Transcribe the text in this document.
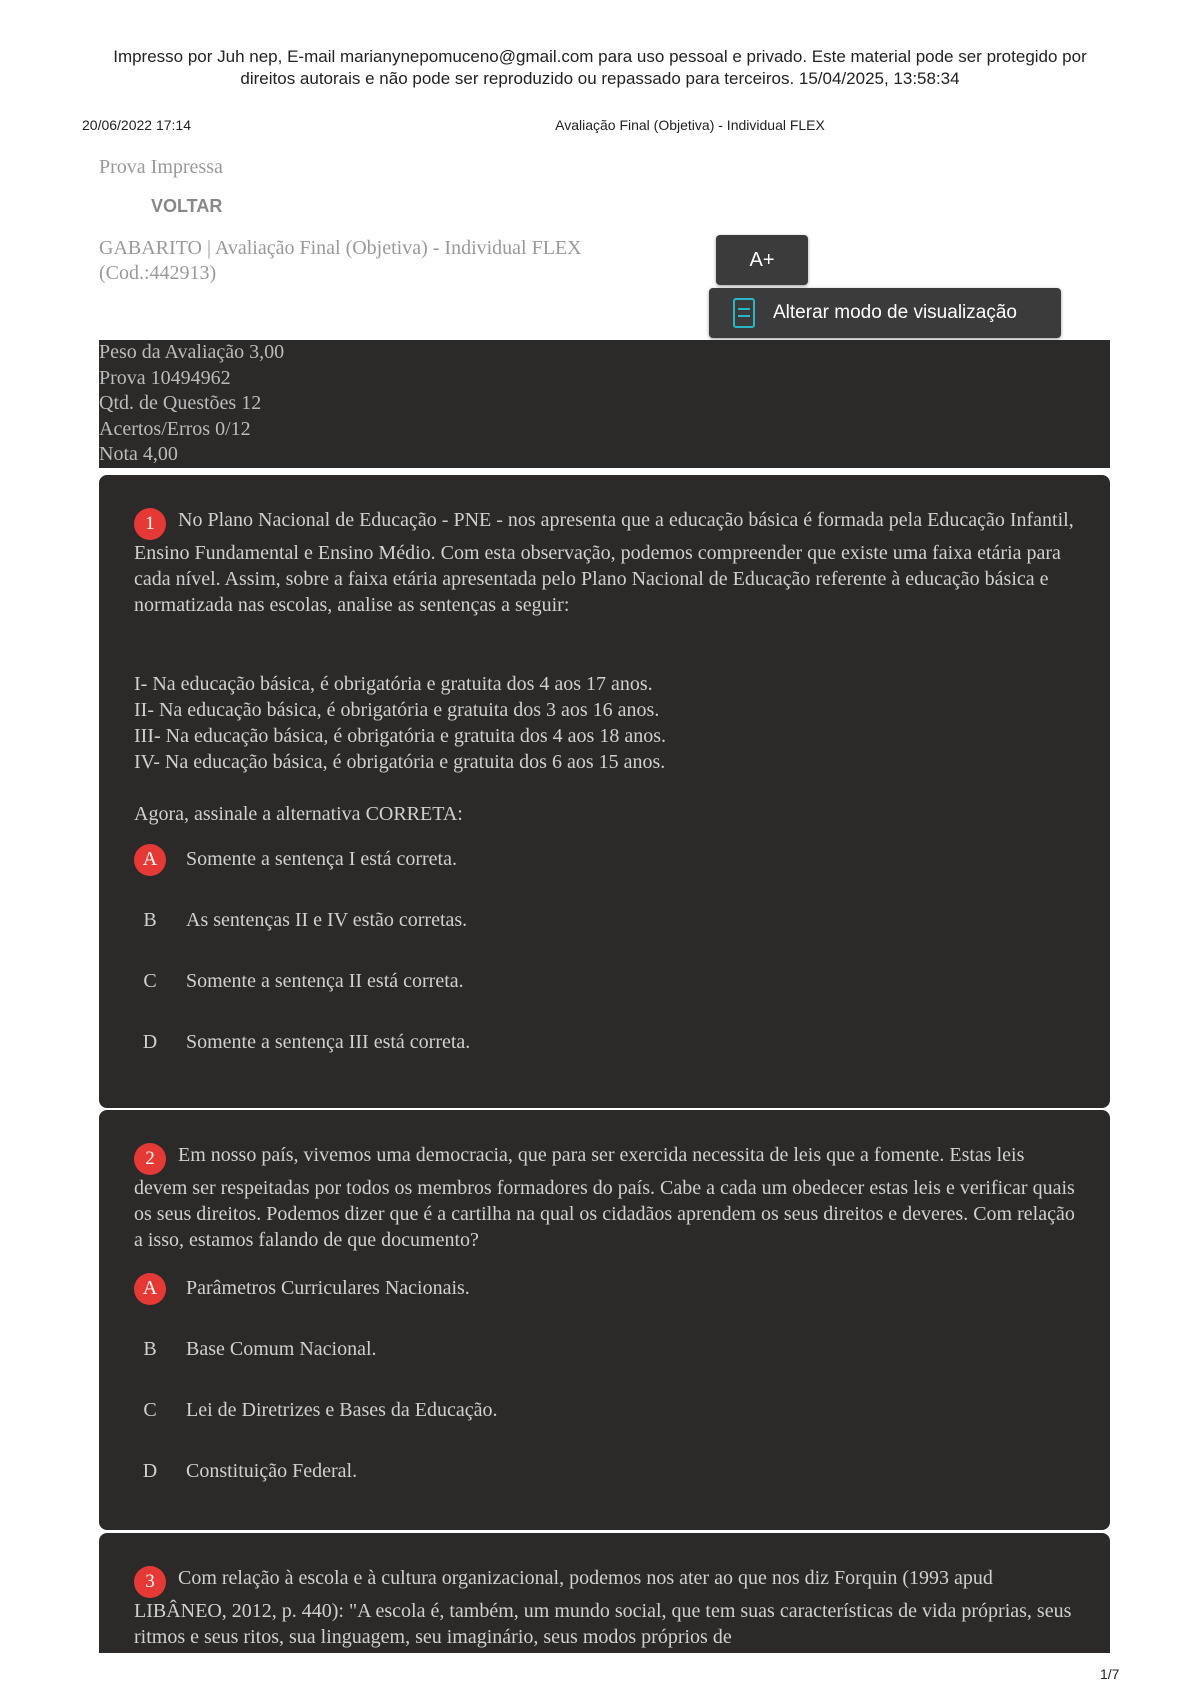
Impresso por Juh nep, E-mail marianynepomuceno@gmail.com para uso pessoal e privado. Este material pode ser protegido por
direitos autorais e não pode ser reproduzido ou repassado para terceiros. 15/04/2025, 13:58:34
20/06/2022 17:14	Avaliação Final (Objetiva) - Individual FLEX
Prova Impressa
VOLTAR
GABARITO | Avaliação Final (Objetiva) - Individual FLEX
(Cod.:442913)
A+
Alterar modo de visualização
Peso da Avaliação 3,00
Prova 10494962
Qtd. de Questões 12
Acertos/Erros 0/12
Nota 4,00
1 No Plano Nacional de Educação - PNE - nos apresenta que a educação básica é formada pela Educação Infantil, Ensino Fundamental e Ensino Médio. Com esta observação, podemos compreender que existe uma faixa etária para cada nível. Assim, sobre a faixa etária apresentada pelo Plano Nacional de Educação referente à educação básica e normatizada nas escolas, analise as sentenças a seguir:
I- Na educação básica, é obrigatória e gratuita dos 4 aos 17 anos.
II- Na educação básica, é obrigatória e gratuita dos 3 aos 16 anos.
III- Na educação básica, é obrigatória e gratuita dos 4 aos 18 anos.
IV- Na educação básica, é obrigatória e gratuita dos 6 aos 15 anos.
Agora, assinale a alternativa CORRETA:
A	Somente a sentença I está correta.
B	As sentenças II e IV estão corretas.
C	Somente a sentença II está correta.
D	Somente a sentença III está correta.
2 Em nosso país, vivemos uma democracia, que para ser exercida necessita de leis que a fomente. Estas leis devem ser respeitadas por todos os membros formadores do país. Cabe a cada um obedecer estas leis e verificar quais os seus direitos. Podemos dizer que é a cartilha na qual os cidadãos aprendem os seus direitos e deveres. Com relação a isso, estamos falando de que documento?
A	Parâmetros Curriculares Nacionais.
B	Base Comum Nacional.
C	Lei de Diretrizes e Bases da Educação.
D	Constituição Federal.
3 Com relação à escola e à cultura organizacional, podemos nos ater ao que nos diz Forquin (1993 apud LIBÂNEO, 2012, p. 440): "A escola é, também, um mundo social, que tem suas características de vida próprias, seus ritmos e seus ritos, sua linguagem, seu imaginário, seus modos próprios de
1/7
